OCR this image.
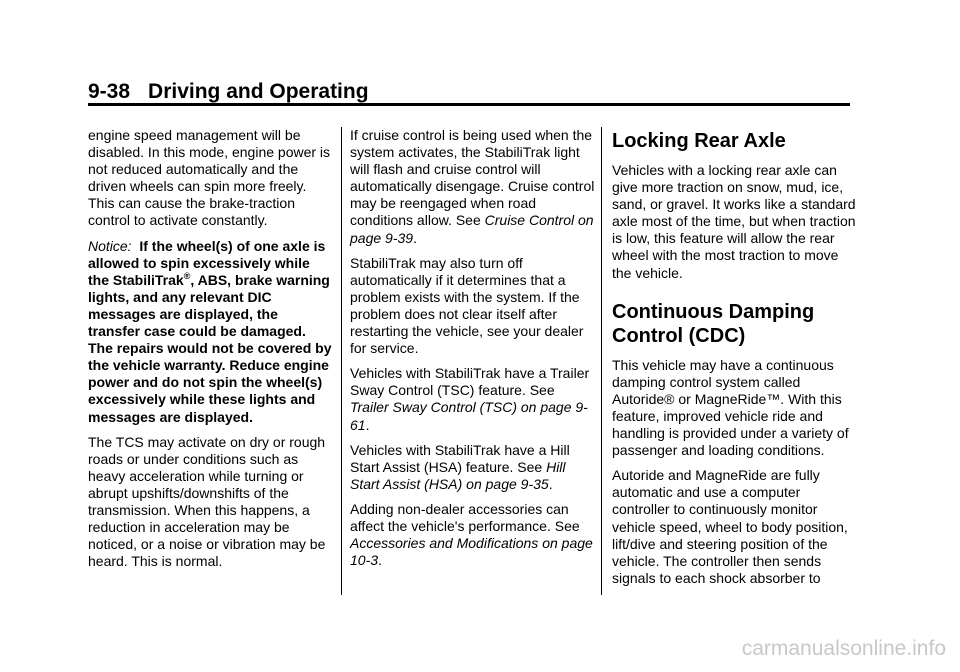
9-38 Driving and Operating

engine speed management will be disabled. In this mode, engine power is not reduced automatically and the driven wheels can spin more freely. This can cause the brake-traction control to activate constantly.

Notice: If the wheel(s) of one axle is allowed to spin excessively while the StabiliTrak®, ABS, brake warning lights, and any relevant DIC messages are displayed, the transfer case could be damaged. The repairs would not be covered by the vehicle warranty. Reduce engine power and do not spin the wheel(s) excessively while these lights and messages are displayed.

The TCS may activate on dry or rough roads or under conditions such as heavy acceleration while turning or abrupt upshifts/downshifts of the transmission. When this happens, a reduction in acceleration may be noticed, or a noise or vibration may be heard. This is normal.

If cruise control is being used when the system activates, the StabiliTrak light will flash and cruise control will automatically disengage. Cruise control may be reengaged when road conditions allow. See Cruise Control on page 9-39.

StabiliTrak may also turn off automatically if it determines that a problem exists with the system. If the problem does not clear itself after restarting the vehicle, see your dealer for service.

Vehicles with StabiliTrak have a Trailer Sway Control (TSC) feature. See Trailer Sway Control (TSC) on page 9-61.

Vehicles with StabiliTrak have a Hill Start Assist (HSA) feature. See Hill Start Assist (HSA) on page 9-35.

Adding non-dealer accessories can affect the vehicle's performance. See Accessories and Modifications on page 10-3.

Locking Rear Axle

Vehicles with a locking rear axle can give more traction on snow, mud, ice, sand, or gravel. It works like a standard axle most of the time, but when traction is low, this feature will allow the rear wheel with the most traction to move the vehicle.

Continuous Damping Control (CDC)

This vehicle may have a continuous damping control system called Autoride® or MagneRide™. With this feature, improved vehicle ride and handling is provided under a variety of passenger and loading conditions.

Autoride and MagneRide are fully automatic and use a computer controller to continuously monitor vehicle speed, wheel to body position, lift/dive and steering position of the vehicle. The controller then sends signals to each shock absorber to

carmanualsonline.info
